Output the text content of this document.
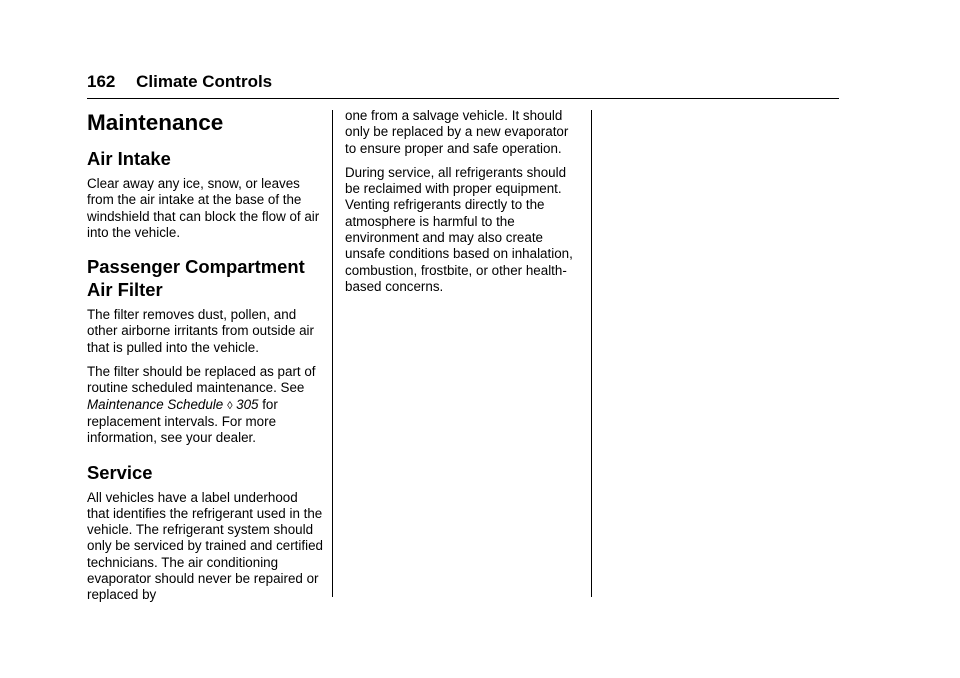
162 Climate Controls
Maintenance
Air Intake

Clear away any ice, snow, or leaves from the air intake at the base of the windshield that can block the flow of air into the vehicle.

Passenger Compartment
Air Filter

The filter removes dust, pollen, and other airborne irritants from outside air that is pulled into the vehicle.

The filter should be replaced as part of routine scheduled maintenance. See Maintenance Schedule ◊ 305 for replacement intervals. For more information, see your dealer.

Service

All vehicles have a label underhood that identifies the refrigerant used in the vehicle. The refrigerant system should only be serviced by trained and certified technicians. The air conditioning evaporator should never be repaired or replaced by

one from a salvage vehicle. It should only be replaced by a new evaporator to ensure proper and safe operation.

During service, all refrigerants should be reclaimed with proper equipment. Venting refrigerants directly to the atmosphere is harmful to the environment and may also create unsafe conditions based on inhalation, combustion, frostbite, or other health-based concerns.
